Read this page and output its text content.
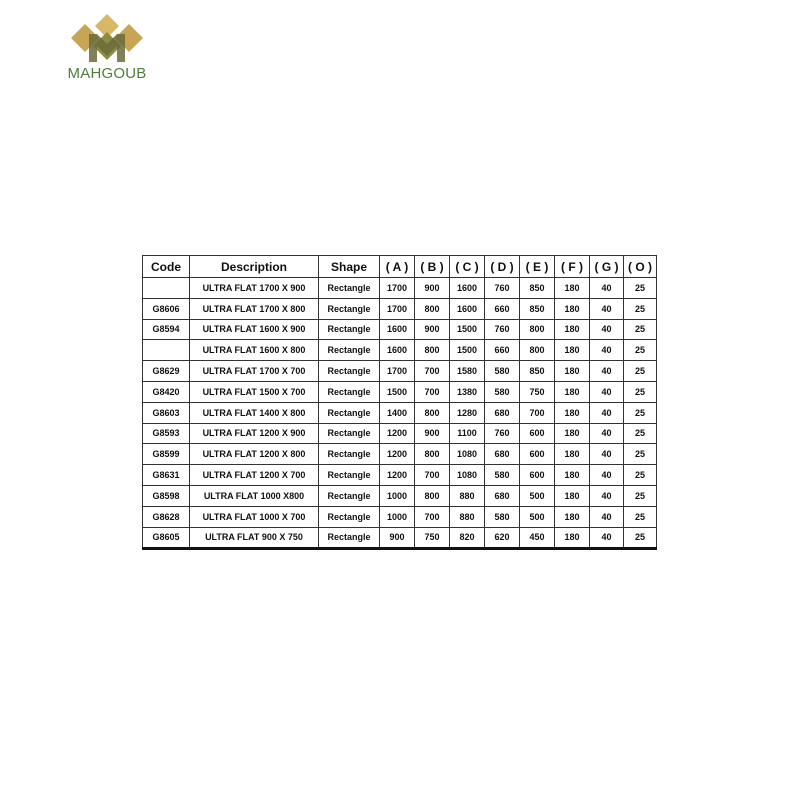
MAHGOUB
Code	Description	Shape	( A )	( B )	( C )	( D )	( E )	( F )	( G )	( O )
	ULTRA FLAT 1700 X 900	Rectangle	1700	900	1600	760	850	180	40	25
G8606	ULTRA FLAT 1700 X 800	Rectangle	1700	800	1600	660	850	180	40	25
G8594	ULTRA FLAT 1600 X 900	Rectangle	1600	900	1500	760	800	180	40	25
	ULTRA FLAT 1600 X 800	Rectangle	1600	800	1500	660	800	180	40	25
G8629	ULTRA FLAT 1700 X 700	Rectangle	1700	700	1580	580	850	180	40	25
G8420	ULTRA FLAT 1500 X 700	Rectangle	1500	700	1380	580	750	180	40	25
G8603	ULTRA FLAT 1400 X 800	Rectangle	1400	800	1280	680	700	180	40	25
G8593	ULTRA FLAT 1200 X 900	Rectangle	1200	900	1100	760	600	180	40	25
G8599	ULTRA FLAT 1200 X 800	Rectangle	1200	800	1080	680	600	180	40	25
G8631	ULTRA FLAT 1200 X 700	Rectangle	1200	700	1080	580	600	180	40	25
G8598	ULTRA FLAT 1000 X800	Rectangle	1000	800	880	680	500	180	40	25
G8628	ULTRA FLAT 1000 X 700	Rectangle	1000	700	880	580	500	180	40	25
G8605	ULTRA FLAT 900 X 750	Rectangle	900	750	820	620	450	180	40	25
